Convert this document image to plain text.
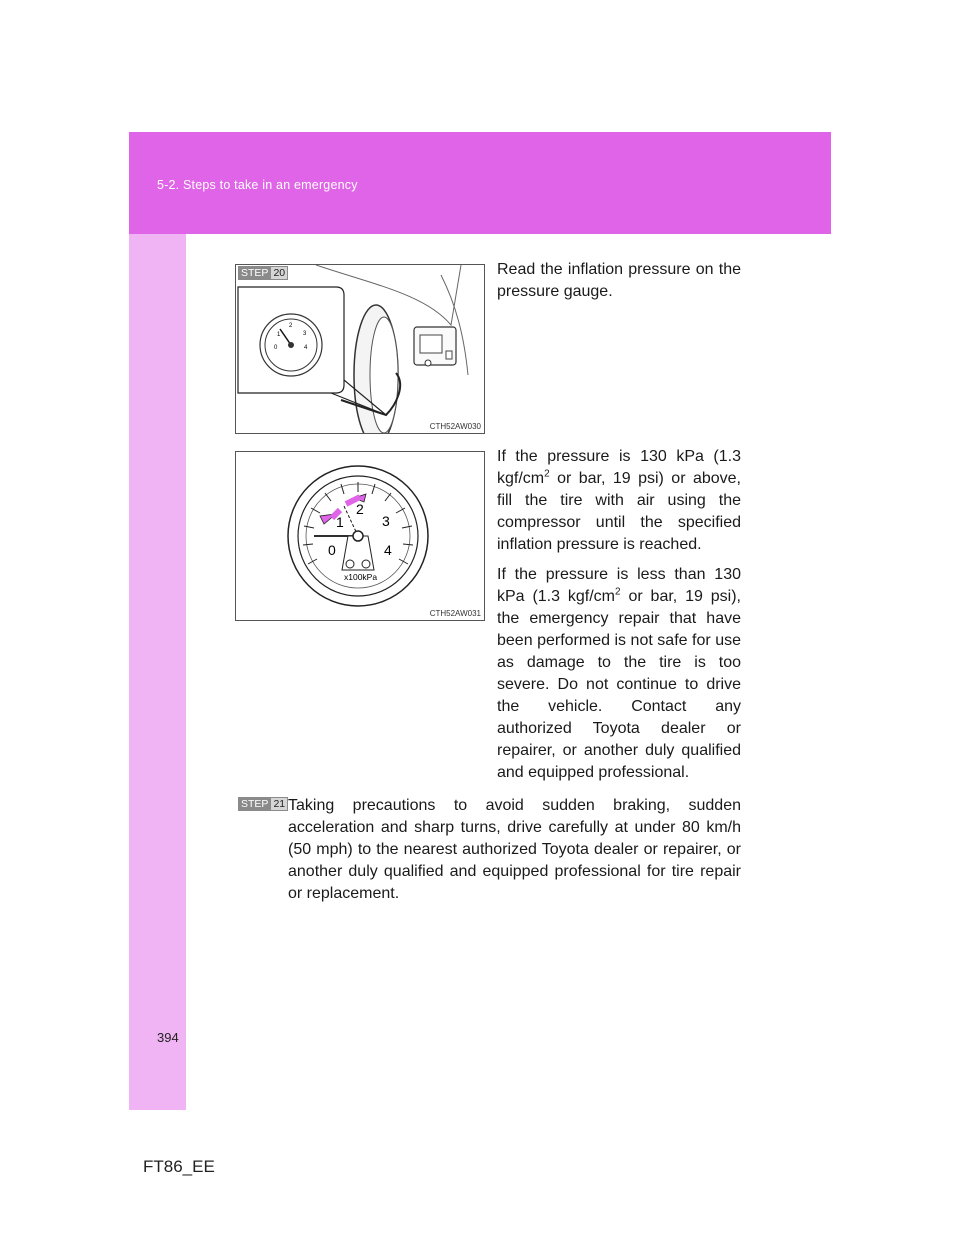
5-2. Steps to take in an emergency
2
1	3
0	4
CTH52AW030
STEP 20	Read the inflation pressure on the pressure gauge.

0
1
2
3
4
x100kPa
CTH52AW031

If the pressure is 130 kPa (1.3 kgf/$cm^2$ or bar, 19 psi) or above, fill the tire with air using the compressor until the specified inflation pressure is reached.

If the pressure is less than 130 kPa (1.3 kgf/$cm^2$ or bar, 19 psi), the emergency repair that have been performed is not safe for use as damage to the tire is too severe. Do not continue to drive the vehicle. Contact any authorized Toyota dealer or repairer, or another duly qualified and equipped professional.

STEP 21 Taking precautions to avoid sudden braking, sudden acceleration and sharp turns, drive carefully at under 80 km/h (50 mph) to the nearest authorized Toyota dealer or repairer, or another duly qualified and equipped professional for tire repair or replacement.
394
FT86_EE
